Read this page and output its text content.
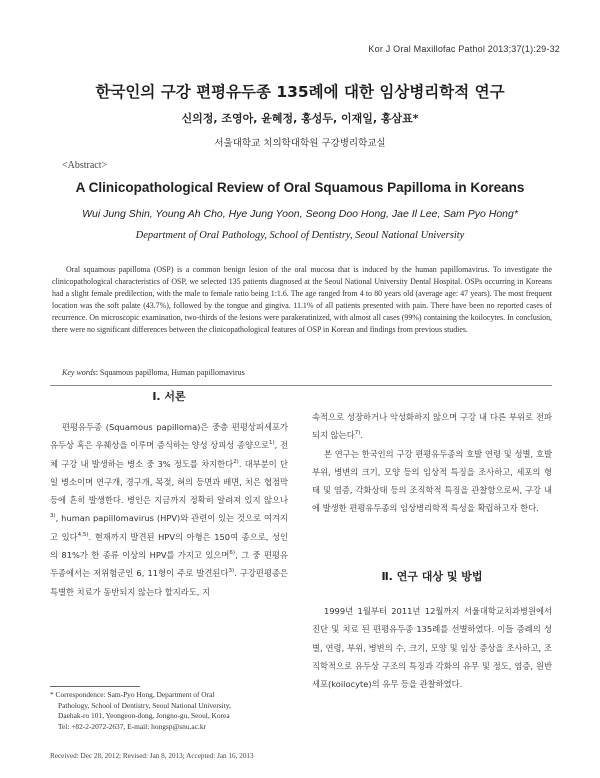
Kor J Oral Maxillofac Pathol 2013;37(1):29-32
한국인의 구강 편평유두종 135례에 대한 임상병리학적 연구
신의정, 조영아, 윤혜정, 홍성두, 이재일, 홍삼표*
서울대학교 치의학대학원 구강병리학교실
<Abstract>
A Clinicopathological Review of Oral Squamous Papilloma in Koreans
Wui Jung Shin, Young Ah Cho, Hye Jung Yoon, Seong Doo Hong, Jae Il Lee, Sam Pyo Hong*
Department of Oral Pathology, School of Dentistry, Seoul National University

Oral squamous papilloma (OSP) is a common benign lesion of the oral mucosa that is induced by the human papillomavirus. To investigate the clinicopathological characteristics of OSP, we selected 135 patients diagnosed at the Seoul National University Dental Hospital. OSPs occurring in Koreans had a slight female predilection, with the male to female ratio being 1:1.6. The age ranged from 4 to 80 years old (average age: 47 years). The most frequent location was the soft palate (43.7%), followed by the tongue and gingiva. 11.1% of all patients presented with pain. There have been no reported cases of recurrence. On microscopic examination, two-thirds of the lesions were parakeratinized, with almost all cases (99%) containing the koilocytes. In conclusion, there were no significant differences between the clinicopathological features of OSP in Korean and findings from previous studies.

Key words: Squamous papilloma, Human papillomavirus
Ⅰ. 서론

편평유두종 (Squamous papilloma)은 중층 편평상피세포가 유두상 혹은 우췌상을 이루며 증식하는 양성 상피성 종양으로$^{1)}$, 전체 구강 내 발생하는 병소 중 3% 정도를 차지한다$^{2)}$. 대부분이 단일 병소이며 연구개, 경구개, 목젖, 혀의 등면과 배면, 치은 협점막등에 흔히 발생한다. 병인은 지금까지 정확히 알려져 있지 않으나$^{3)}$, human papillomavirus (HPV)와 관련이 있는 것으로 여겨지고 있다$^{4,5)}$. 현재까지 발견된 HPV의 아형은 150여 종으로, 성인의 81%가 한 종류 이상의 HPV를 가지고 있으며$^{6)}$, 그 중 편평유두종에서는 저위험군인 6, 11형이 주로 발견된다$^{3)}$. 구강편평종은 특별한 치료가 동반되지 않는다 할지라도, 지

속적으로 성장하거나 악성화하지 않으며 구강 내 다른 부위로 전파되지 않는다$^{7)}$.

본 연구는 한국인의 구강 편평유두종의 호발 연령 및 성별, 호발 부위, 병변의 크기, 모양 등의 임상적 특징을 조사하고, 세포의 형태 및 염증, 각화상태 등의 조직학적 특징을 관찰함으로써, 구강 내에 발생한 편평유두종의 임상병리학적 특성을 확립하고자 한다.

Ⅱ. 연구 대상 및 방법

1999년 1월부터 2011년 12월까지 서울대학교치과병원에서 진단 및 치료 된 편평유두종 135례를 선별하였다. 이들 증례의 성별, 연령, 부위, 병변의 수, 크기, 모양 및 임상 증상을 조사하고, 조직학적으로 유두상 구조의 특징과 각화의 유무 및 정도, 염증, 원반세포(koilocyte)의 유무 등을 관찰하였다.

* Correspondence: Sam-Pyo Hong, Department of Oral
Pathology, School of Dentistry, Seoul National University,
Daehak-ro 101, Yeongeon-dong, Jongno-gu, Seoul, Korea
Tel: +82-2-2072-2637, E-mail: hongsp@snu.ac.kr
Received: Dec 28, 2012; Revised: Jan 8, 2013; Accepted: Jan 16, 2013
